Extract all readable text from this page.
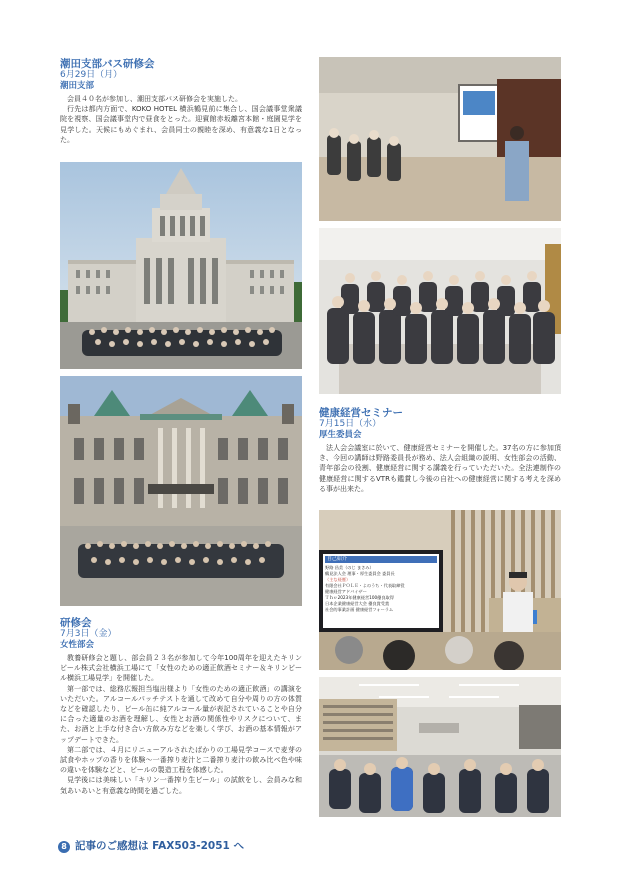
潮田支部バス研修会
6月29日（月）
潮田支部

会員４０名が参加し、潮田支部バス研修会を実施した。

行先は都内方面で、KOKO HOTEL 横浜鶴見前に集合し、国会議事堂衆議院を視察、国会議事堂内で昼食をとった。迎賓館赤坂離宮本館・庭園見学を見学した。天候にもめぐまれ、会員同士の親睦を深め、有意義な1日となった。

研修会
7月3日（金）
女性部会

教養研修会と題し、部会員２３名が参加して今年100周年を迎えたキリンビール株式会社横浜工場にて「女性のための適正飲酒セミナー＆キリンビール横浜工場見学」を開催した。

第一部では、総務広報担当塩出様より「女性のための適正飲酒」の講演をいただいた。アルコールパッチテストを通して改めて自分や周りの方の体質などを確認したり、ビール缶に純アルコール量が表記されていることや自分に合った適量のお酒を理解し、女性とお酒の関係性やリスクについて、また、お酒と上手な付き合い方飲み方などを楽しく学び、お酒の基本情報がアップデートできた。

第二部では、４月にリニューアルされたばかりの工場見学コースで麦芽の試食やホップの香りを体験〜一番搾り麦汁と二番搾り麦汁の飲み比べ色や味の違いを体験などと、ビールの製造工程を体感した。

見学後には美味しい「キリン一番搾り生ビール」の試飲をし、会員みな和気あいあいと有意義な時間を過ごした。

健康経営セミナー
7月15日（水）
厚生委員会

法人会会議室に於いて、健康経営セミナーを開催した。37名の方に参加頂き、今回の講師は野路委員長が務め、法人会組織の説明、女性部会の活動、青年部会の役割、健康経営に関する講義を行っていただいた。全法連制作の健康経営に関するVTRも鑑賞し今後の自社への健康経営に関する考えを深める事が出来た。

自己紹介
野路 昌美（のじ まさみ）
鶴見法人会 理事・厚生委員会 委員長
（主な経歴）
有限会社ＰＯＬＥ・よのうち・代表取締役
健康経営アドバイザー
Ｔｈｅ2023年健康経営100優良取得
日本企業健康経営大会 優良賞受賞
社会的事業計画 健康経営フォーラム
8 記事のご感想は FAX503-2051 へ
